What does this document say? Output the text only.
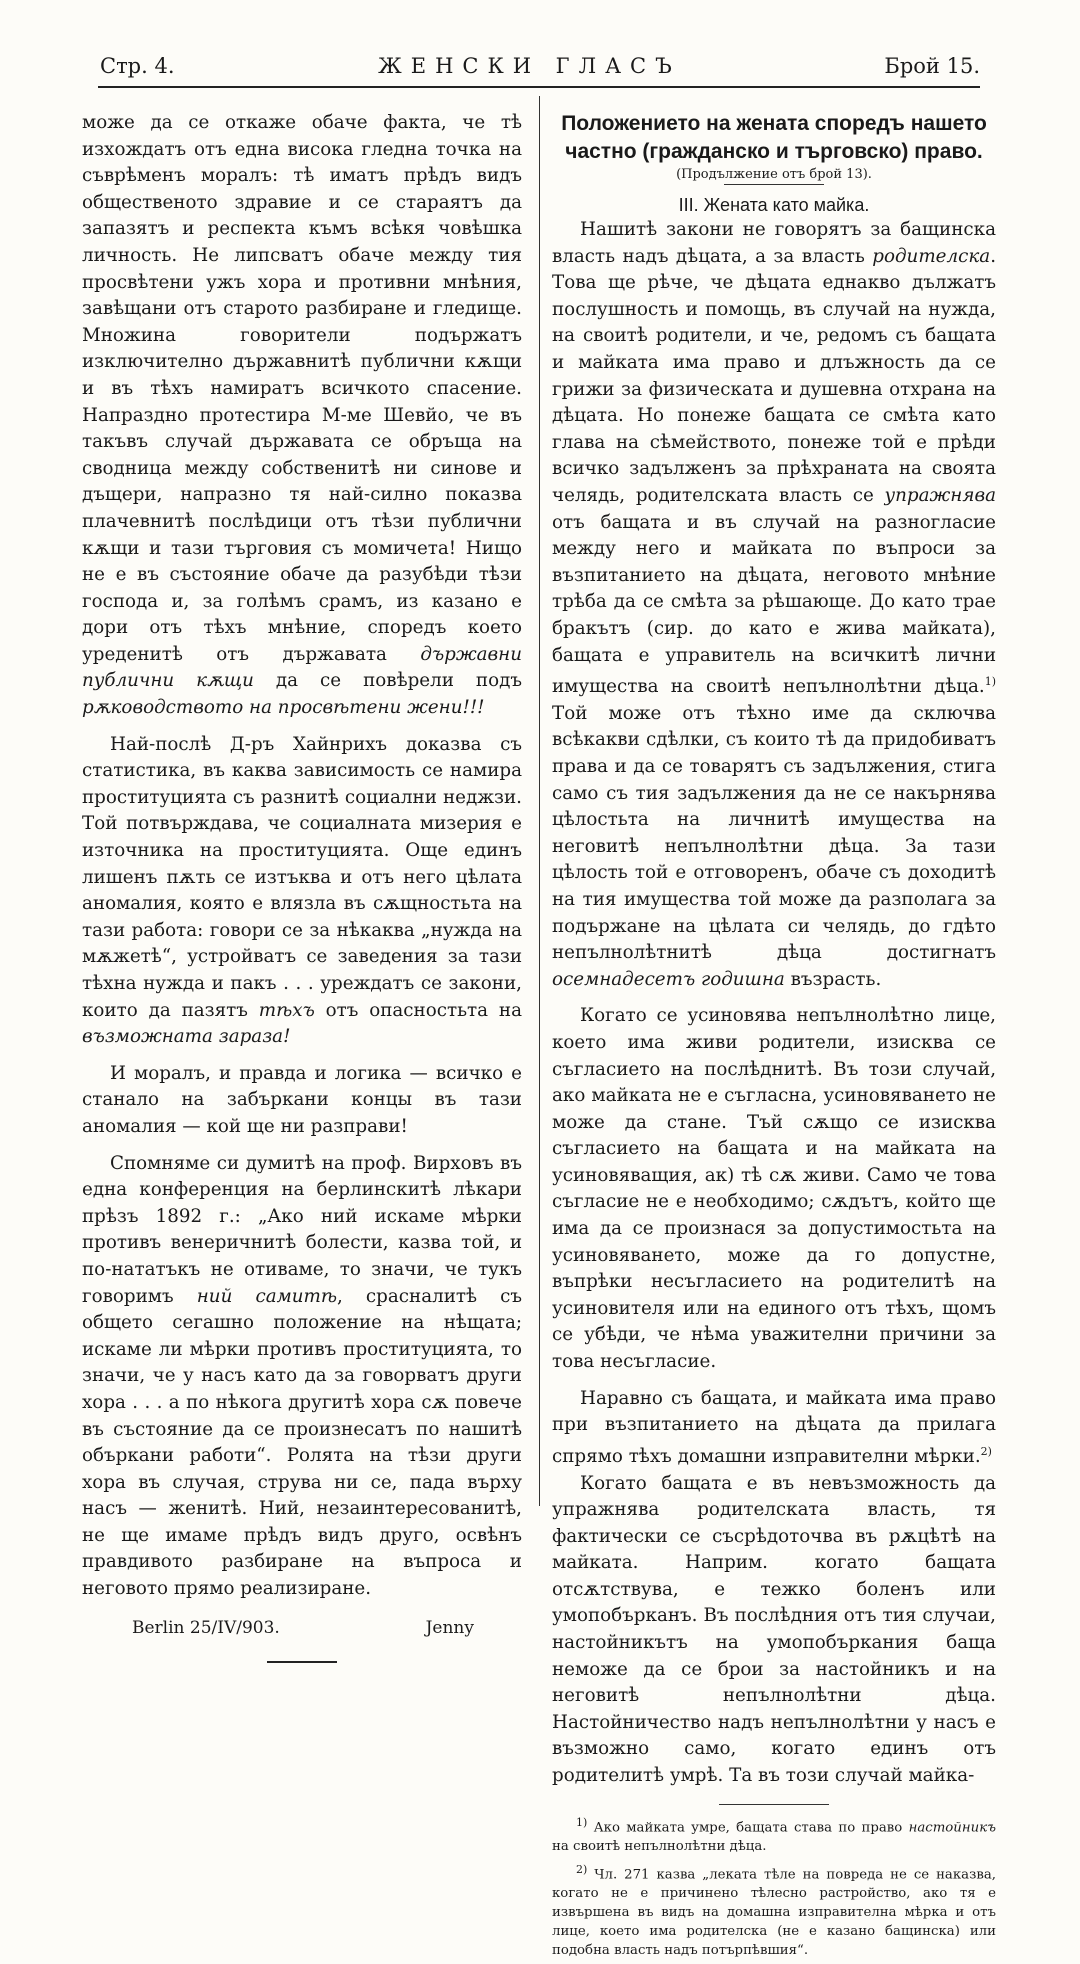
Стр. 4.	ЖЕНСКИ ГЛАСЪ	Брой 15.

може да се откаже обаче факта, че тѣ изхождатъ отъ една висока гледна точка на съврѣменъ моралъ: тѣ иматъ прѣдъ видъ общественото здравие и се стараятъ да запазятъ и респекта къмъ всѣкя човѣшка личность. Не липсватъ обаче между тия просвѣтени ужъ хора и противни мнѣния, завѣщани отъ старото разбиране и гледище. Множина говорители подържатъ изключително държавнитѣ публични кѫщи и въ тѣхъ намиратъ всичкото спасение. Напраздно протестира М-ме Шевйо, че въ такъвъ случай държавата се обръща на сводница между собственитѣ ни синове и дъщери, напразно тя най-силно показва плачевнитѣ послѣдици отъ тѣзи публични кѫщи и тази търговия съ момичета! Нищо не е въ състояние обаче да разубѣди тѣзи господа и, за голѣмъ срамъ, из казано е дори отъ тѣхъ мнѣние, споредъ което уреденитѣ отъ държавата държавни публични кѫщи да се повѣрели подъ рѫководството на просвѣтени жени!!!

Най-послѣ Д-ръ Хайнрихъ доказва съ статистика, въ каква зависимость се намира проституцията съ разнитѣ социални неджзи. Той потвърждава, че социалната мизерия е източника на проституцията. Още единъ лишенъ пѫть се изтъква и отъ него цѣлата аномалия, която е влязла въ сѫщностьта на тази работа: говори се за нѣкаква „нужда на мѫжетѣ“, устройватъ се заведения за тази тѣхна нужда и пакъ . . . уреждатъ се закони, които да пазятъ тѣхъ отъ опасностьта на възможната зараза!

И моралъ, и правда и логика — всичко е станало на забъркани концы въ тази аномалия — кой ще ни разправи!

Спомняме си думитѣ на проф. Вирховъ въ една конференция на берлинскитѣ лѣкари прѣзъ 1892 г.: „Ако ний искаме мѣрки противъ венеричнитѣ болести, казва той, и по-нататъкъ не отиваме, то значи, че тукъ говоримъ ний самитѣ, срасналитѣ съ общето сегашно положение на нѣщата; искаме ли мѣрки противъ проституцията, то значи, че у насъ като да за говорватъ други хора . . . а по нѣкога другитѣ хора сѫ повече въ състояние да се произнесатъ по нашитѣ объркани работи“. Ролята на тѣзи други хора въ случая, струва ни се, пада върху насъ — женитѣ. Ний, незаинтересованитѣ, не ще имаме прѣдъ видъ друго, освѣнъ правдивото разбиране на въпроса и неговото прямо реализиране.

Berlin 25/IV/903.	Jenny

Положението на жената споредъ нашето частно (гражданско и търговско) право.

(Продължение отъ брой 13).

III. Жената като майка.

Нашитѣ закони не говорятъ за бащинска власть надъ дѣцата, а за власть родителска. Това ще рѣче, че дѣцата еднакво дължатъ послушность и помощь, въ случай на нужда, на своитѣ родители, и че, редомъ съ бащата и майката има право и длъжность да се грижи за физическата и душевна отхрана на дѣцата. Но понеже бащата се смѣта като глава на сѣмейството, понеже той е прѣди всичко задълженъ за прѣхраната на своята челядь, родителската власть се упражнява отъ бащата и въ случай на разногласие между него и майката по въпроси за възпитанието на дѣцата, неговото мнѣние трѣба да се смѣта за рѣшающе. До като трае бракътъ (сир. до като е жива майката), бащата е управитель на всичкитѣ лични имущества на своитѣ непълнолѣтни дѣца.$^{1)}$ Той може отъ тѣхно име да сключва всѣкакви сдѣлки, съ които тѣ да придобиватъ права и да се товарятъ съ задължения, стига само съ тия задължения да не се накърнява цѣлостьта на личнитѣ имущества на неговитѣ непълнолѣтни дѣца. За тази цѣлость той е отговоренъ, обаче съ доходитѣ на тия имущества той може да разполага за подържане на цѣлата си челядь, до гдѣто непълнолѣтнитѣ дѣца достигнатъ осемнадесетъ годишна възрасть.

Когато се усиновява непълнолѣтно лице, което има живи родители, изисква се съгласието на послѣднитѣ. Въ този случай, ако майката не е съгласна, усиновяването не може да стане. Тъй сѫщо се изисква съгласието на бащата и на майката на усиновяващия, ак) тѣ сѫ живи. Само че това съгласие не е необходимо; сѫдътъ, който ще има да се произнася за допустимостьта на усиновяването, може да го допустне, въпрѣки несъгласието на родителитѣ на усиновителя или на единого отъ тѣхъ, щомъ се убѣди, че нѣма уважителни причини за това несъгласие.

Наравно съ бащата, и майката има право при възпитанието на дѣцата да прилага спрямо тѣхъ домашни изправителни мѣрки.$^{2)}$

Когато бащата е въ невъзможность да упражнява родителската власть, тя фактически се съсрѣдоточва въ рѫцѣтѣ на майката. Наприм. когато бащата отсѫтствува, е тежко боленъ или умопобърканъ. Въ послѣдния отъ тия случаи, настойникътъ на умопобъркания баща неможе да се брои за настойникъ и на неговитѣ непълнолѣтни дѣца. Настойничество надъ непълнолѣтни у насъ е възможно само, когато единъ отъ родителитѣ умрѣ. Та въ този случай майка-

$^{1)}$ Ако майката умре, бащата става по право настойникъ на своитѣ непълнолѣтни дѣца.

$^{2)}$ Чл. 271 казва „леката тѣле на повреда не се наказва, когато не е причинено тѣлесно растройство, ако тя е извършена въ видъ на домашна изправителна мѣрка и отъ лице, което има родителска (не е казано бащинска) или подобна власть надъ потърпѣвшия“.
